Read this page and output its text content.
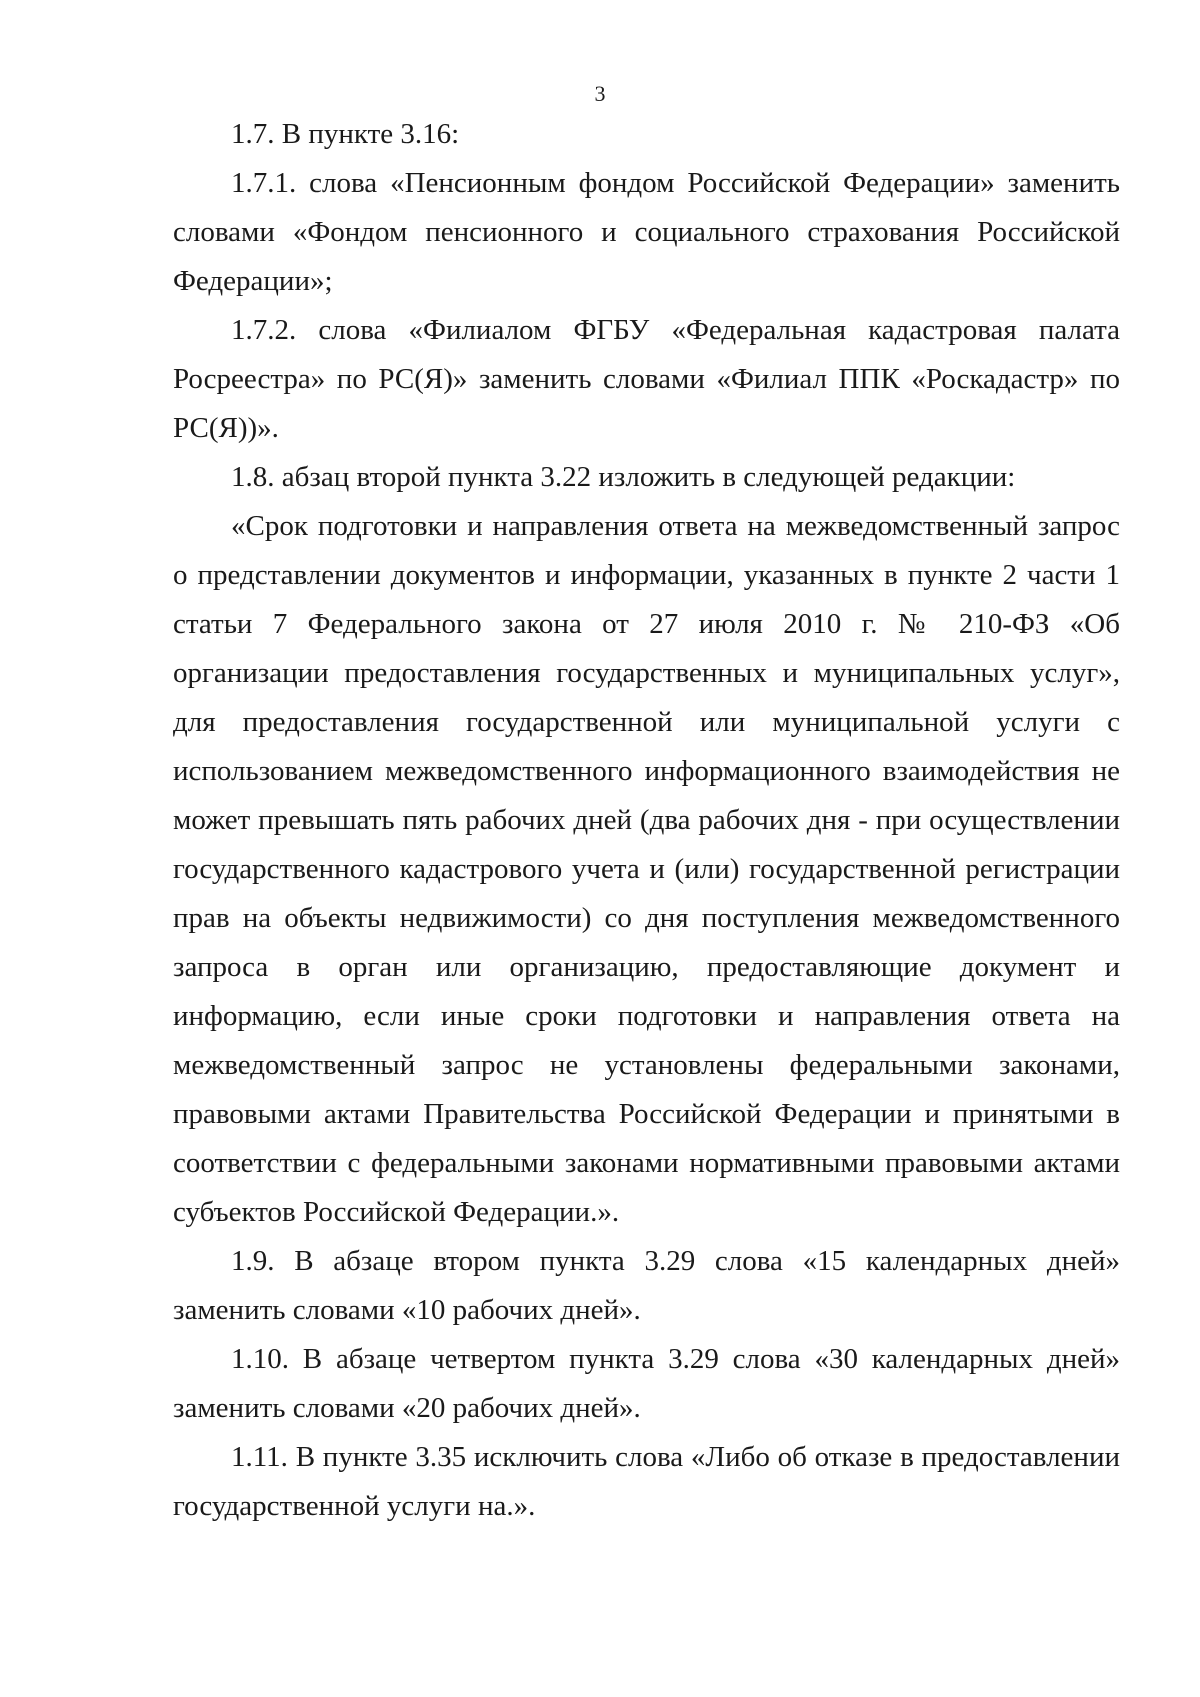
3

1.7. В пункте 3.16:

1.7.1. слова «Пенсионным фондом Российской Федерации» заменить словами «Фондом пенсионного и социального страхования Российской Федерации»;

1.7.2. слова «Филиалом ФГБУ «Федеральная кадастровая палата Росреестра» по РС(Я)» заменить словами «Филиал ППК «Роскадастр» по РС(Я))».

1.8. абзац второй пункта 3.22 изложить в следующей редакции:

«Срок подготовки и направления ответа на межведомственный запрос о представлении документов и информации, указанных в пункте 2 части 1 статьи 7 Федерального закона от 27 июля 2010 г. № 210-ФЗ «Об организации предоставления государственных и муниципальных услуг», для предоставления государственной или муниципальной услуги с использованием межведомственного информационного взаимодействия не может превышать пять рабочих дней (два рабочих дня - при осуществлении государственного кадастрового учета и (или) государственной регистрации прав на объекты недвижимости) со дня поступления межведомственного запроса в орган или организацию, предоставляющие документ и информацию, если иные сроки подготовки и направления ответа на межведомственный запрос не установлены федеральными законами, правовыми актами Правительства Российской Федерации и принятыми в соответствии с федеральными законами нормативными правовыми актами субъектов Российской Федерации.».

1.9. В абзаце втором пункта 3.29 слова «15 календарных дней» заменить словами «10 рабочих дней».

1.10. В абзаце четвертом пункта 3.29 слова «30 календарных дней» заменить словами «20 рабочих дней».

1.11. В пункте 3.35 исключить слова «Либо об отказе в предоставлении государственной услуги на.».
